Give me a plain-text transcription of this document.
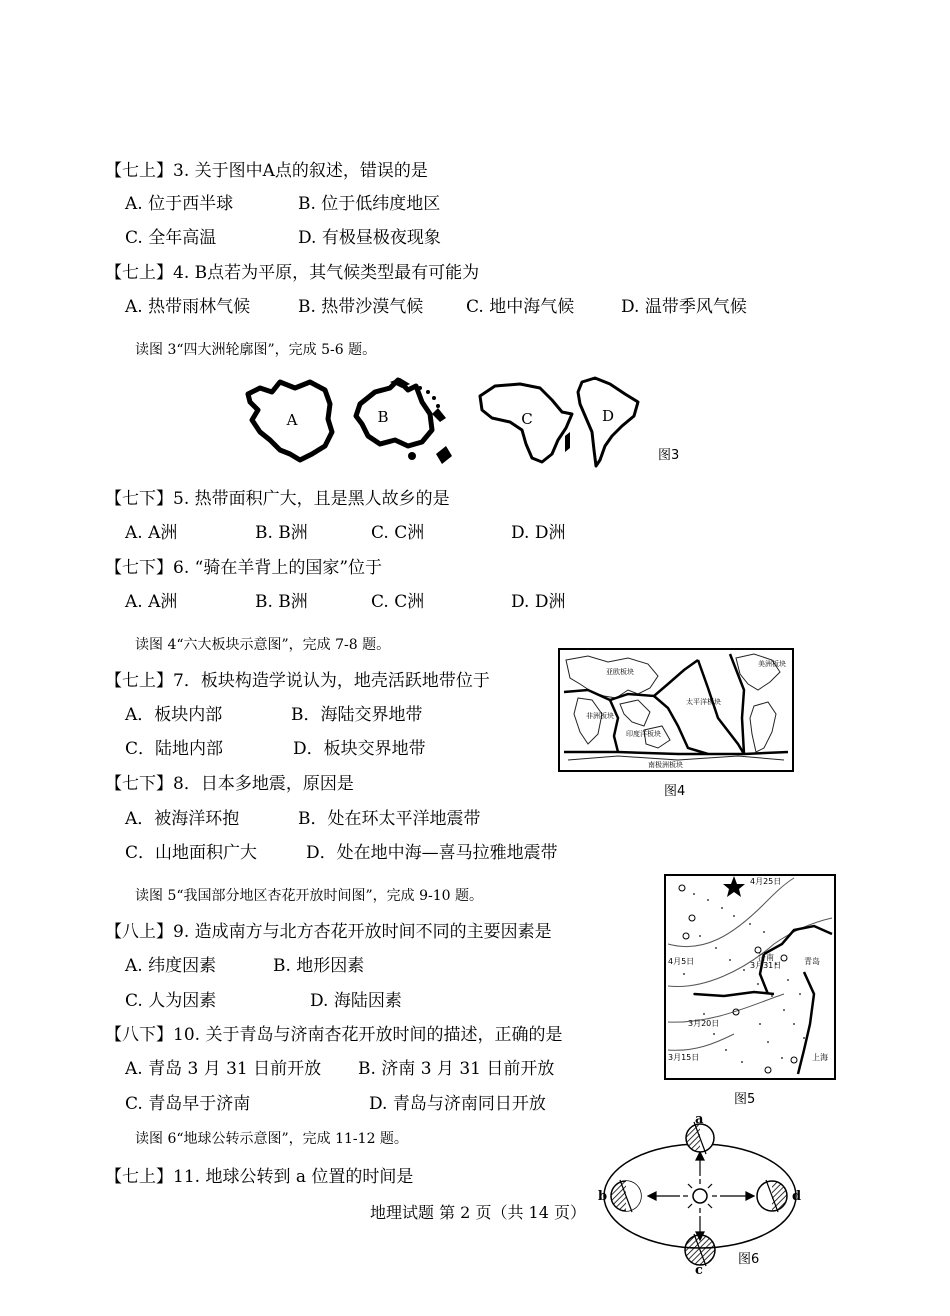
【七上】3. 关于图中A点的叙述，错误的是
A. 位于西半球	B. 位于低纬度地区
C. 全年高温	D. 有极昼极夜现象
【七上】4. B点若为平原，其气候类型最有可能为
A. 热带雨林气候	B. 热带沙漠气候	C. 地中海气候	D. 温带季风气候
读图 3“四大洲轮廓图”，完成 5-6 题。
A	B	C	D
图3
【七下】5. 热带面积广大，且是黑人故乡的是
A. A洲	B. B洲	C. C洲	D. D洲
【七下】6. “骑在羊背上的国家”位于
A. A洲	B. B洲	C. C洲	D. D洲
读图 4“六大板块示意图”，完成 7-8 题。
亚欧板块
美洲板块
非洲板块
印度洋板块
太平洋板块
南极洲板块
图4
【七上】7．板块构造学说认为，地壳活跃地带位于
A．板块内部	B．海陆交界地带
C．陆地内部	D．板块交界地带
【七下】8．日本多地震，原因是
A．被海洋环抱	B．处在环太平洋地震带
C．山地面积广大	D．处在地中海—喜马拉雅地震带
读图 5“我国部分地区杏花开放时间图”，完成 9-10 题。
4月25日
4月5日	3月31日
3月20日
3月15日
济南	青岛
上海
图5
【八上】9. 造成南方与北方杏花开放时间不同的主要因素是
A. 纬度因素	B. 地形因素
C. 人为因素	D. 海陆因素
【八下】10. 关于青岛与济南杏花开放时间的描述，正确的是
A. 青岛 3 月 31 日前开放 B. 济南 3 月 31 日前开放
C. 青岛早于济南	D. 青岛与济南同日开放
读图 6“地球公转示意图”，完成 11-12 题。
【七上】11. 地球公转到 a 位置的时间是
地理试题 第 2 页（共 14 页）
a
b
c
d
图6
